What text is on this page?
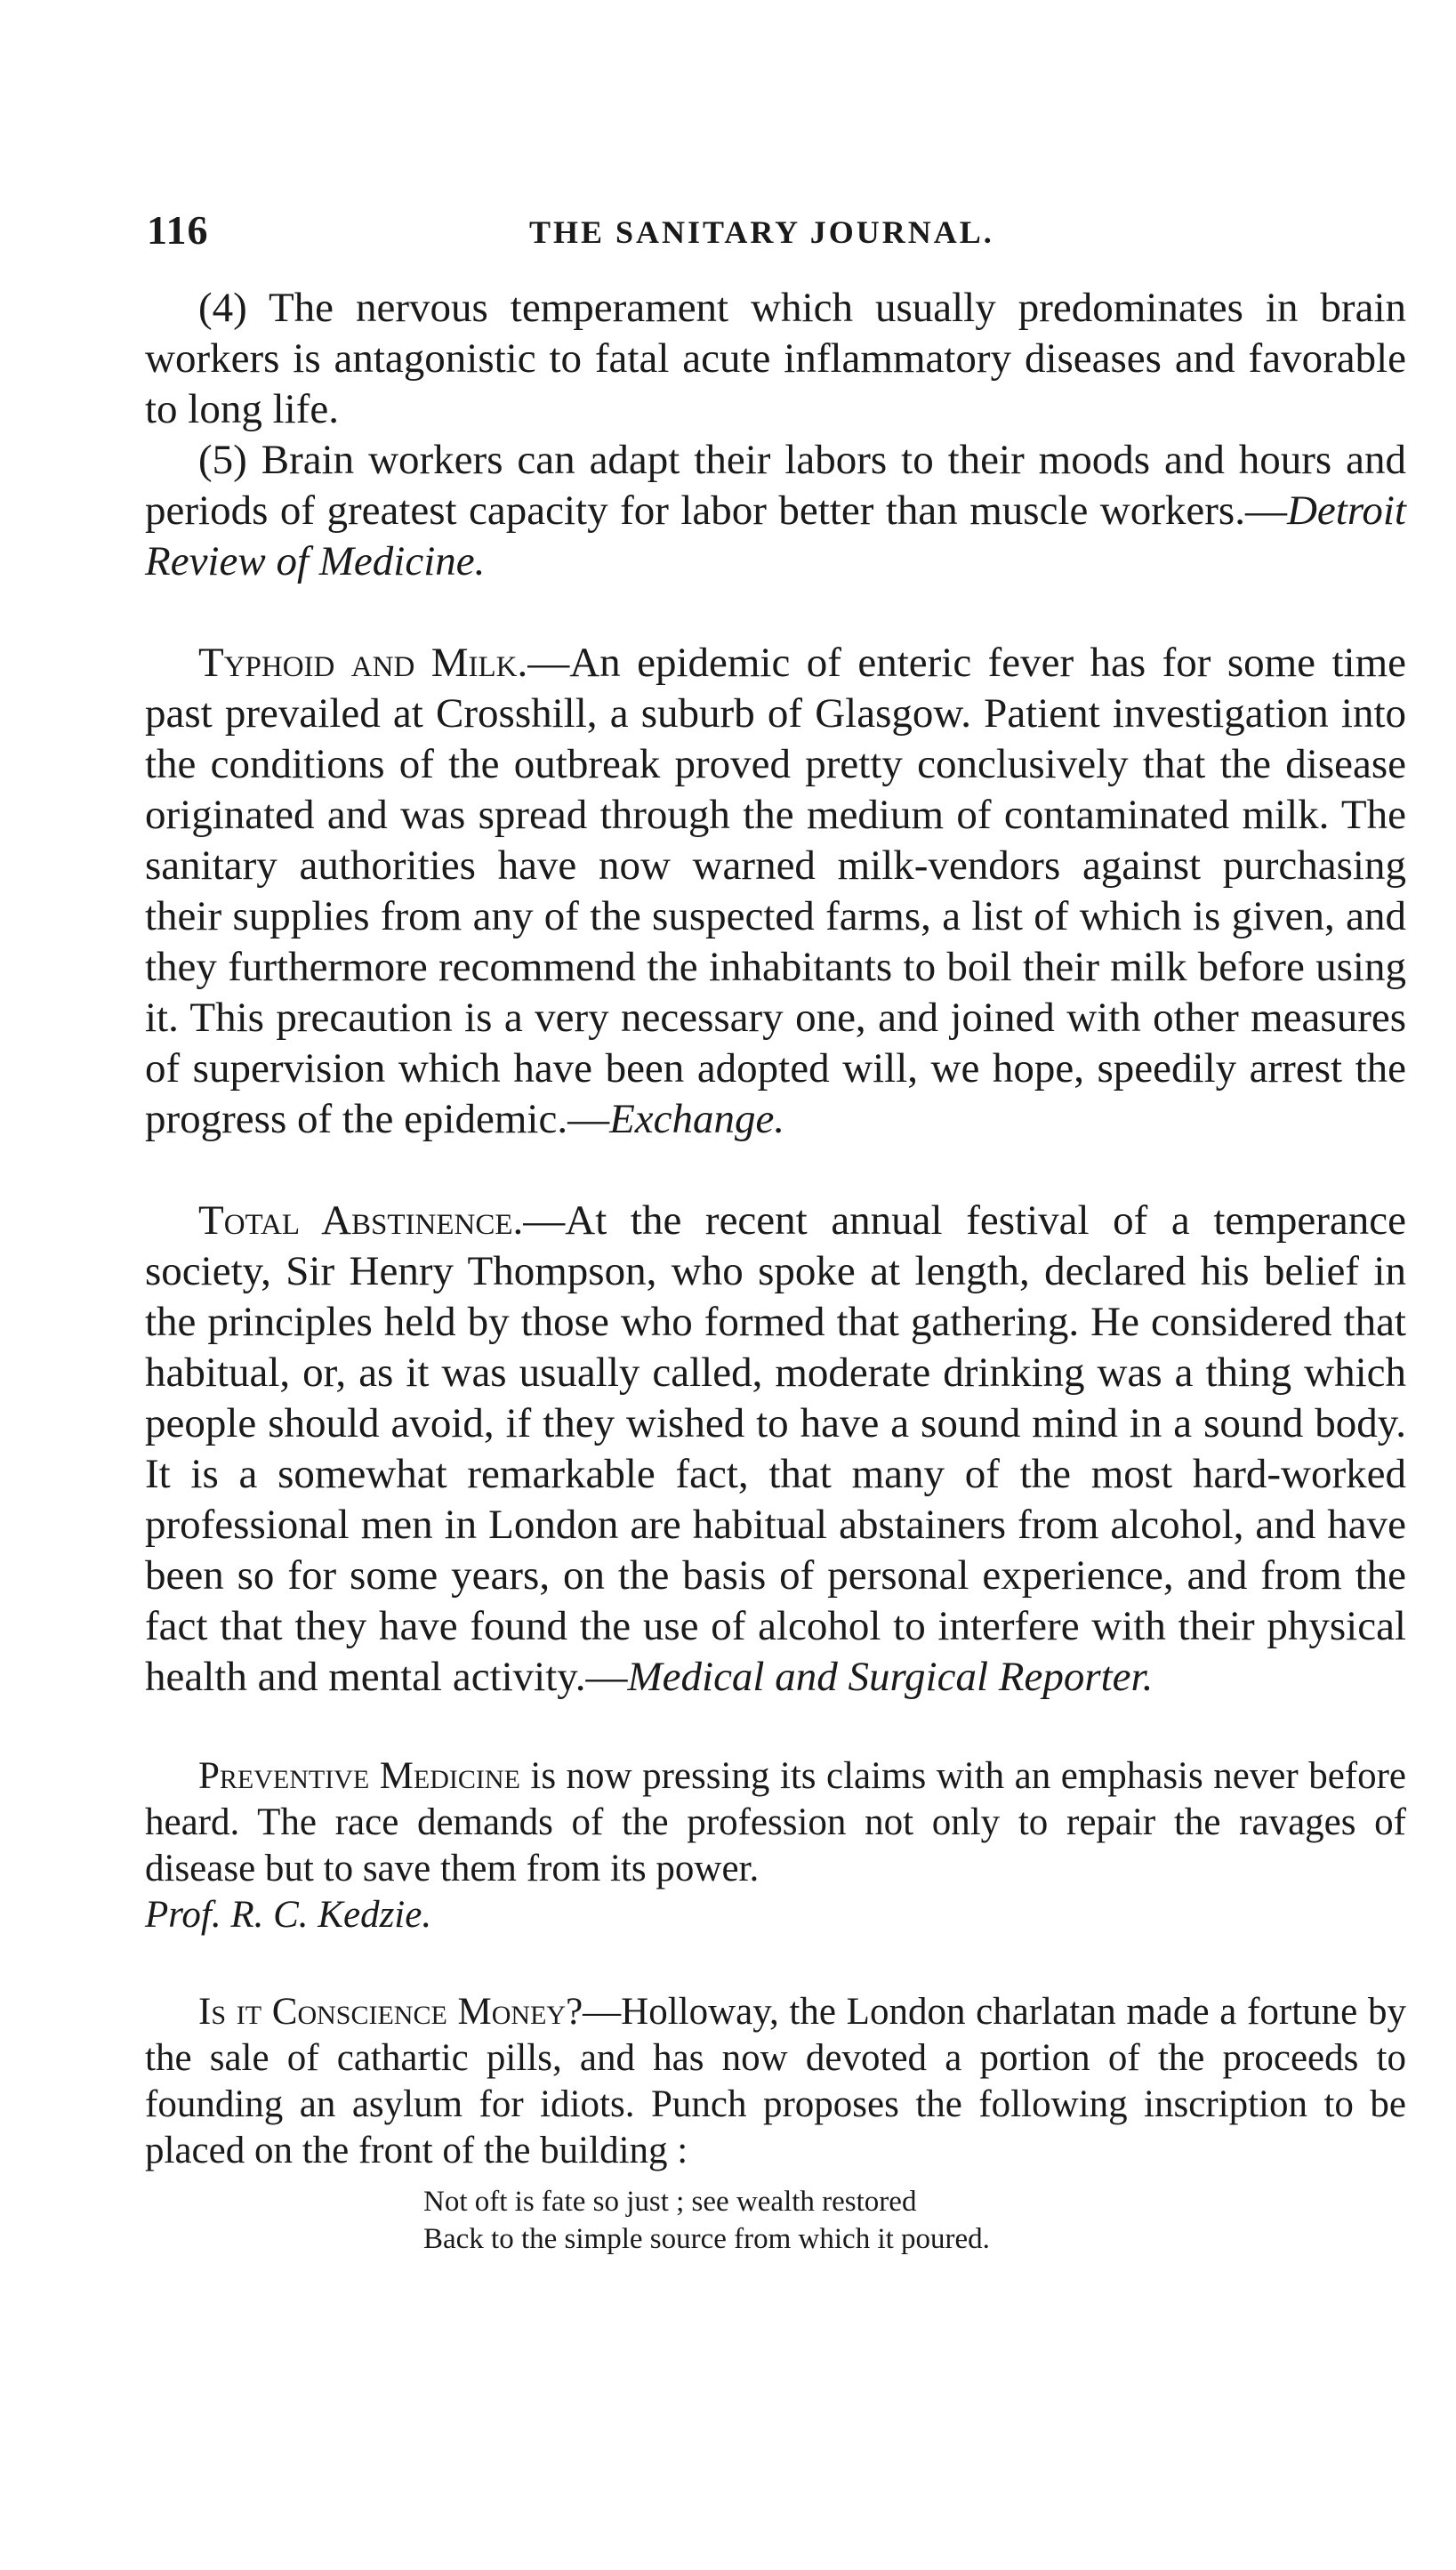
116	THE SANITARY JOURNAL.

(4) The nervous temperament which usually predominates in brain workers is antagonistic to fatal acute inflammatory diseases and favorable to long life.

(5) Brain workers can adapt their labors to their moods and hours and periods of greatest capacity for labor better than muscle workers.—Detroit Review of Medicine.

Typhoid and Milk.—An epidemic of enteric fever has for some time past prevailed at Crosshill, a suburb of Glasgow. Patient investigation into the conditions of the outbreak proved pretty conclusively that the disease originated and was spread through the medium of contaminated milk. The sanitary authorities have now warned milk-vendors against purchasing their supplies from any of the suspected farms, a list of which is given, and they furthermore recommend the inhabitants to boil their milk before using it. This precaution is a very necessary one, and joined with other measures of supervision which have been adopted will, we hope, speedily arrest the progress of the epidemic.—Exchange.

Total Abstinence.—At the recent annual festival of a temperance society, Sir Henry Thompson, who spoke at length, declared his belief in the principles held by those who formed that gathering. He considered that habitual, or, as it was usually called, moderate drinking was a thing which people should avoid, if they wished to have a sound mind in a sound body. It is a somewhat remarkable fact, that many of the most hard-worked professional men in London are habitual abstainers from alcohol, and have been so for some years, on the basis of personal experience, and from the fact that they have found the use of alcohol to interfere with their physical health and mental activity.—Medical and Surgical Reporter.

Preventive Medicine is now pressing its claims with an emphasis never before heard. The race demands of the profession not only to repair the ravages of disease but to save them from its power.
Prof. R. C. Kedzie.

Is it Conscience Money?—Holloway, the London charlatan made a fortune by the sale of cathartic pills, and has now devoted a portion of the proceeds to founding an asylum for idiots. Punch proposes the following inscription to be placed on the front of the building :

Not oft is fate so just ; see wealth restored
Back to the simple source from which it poured.
